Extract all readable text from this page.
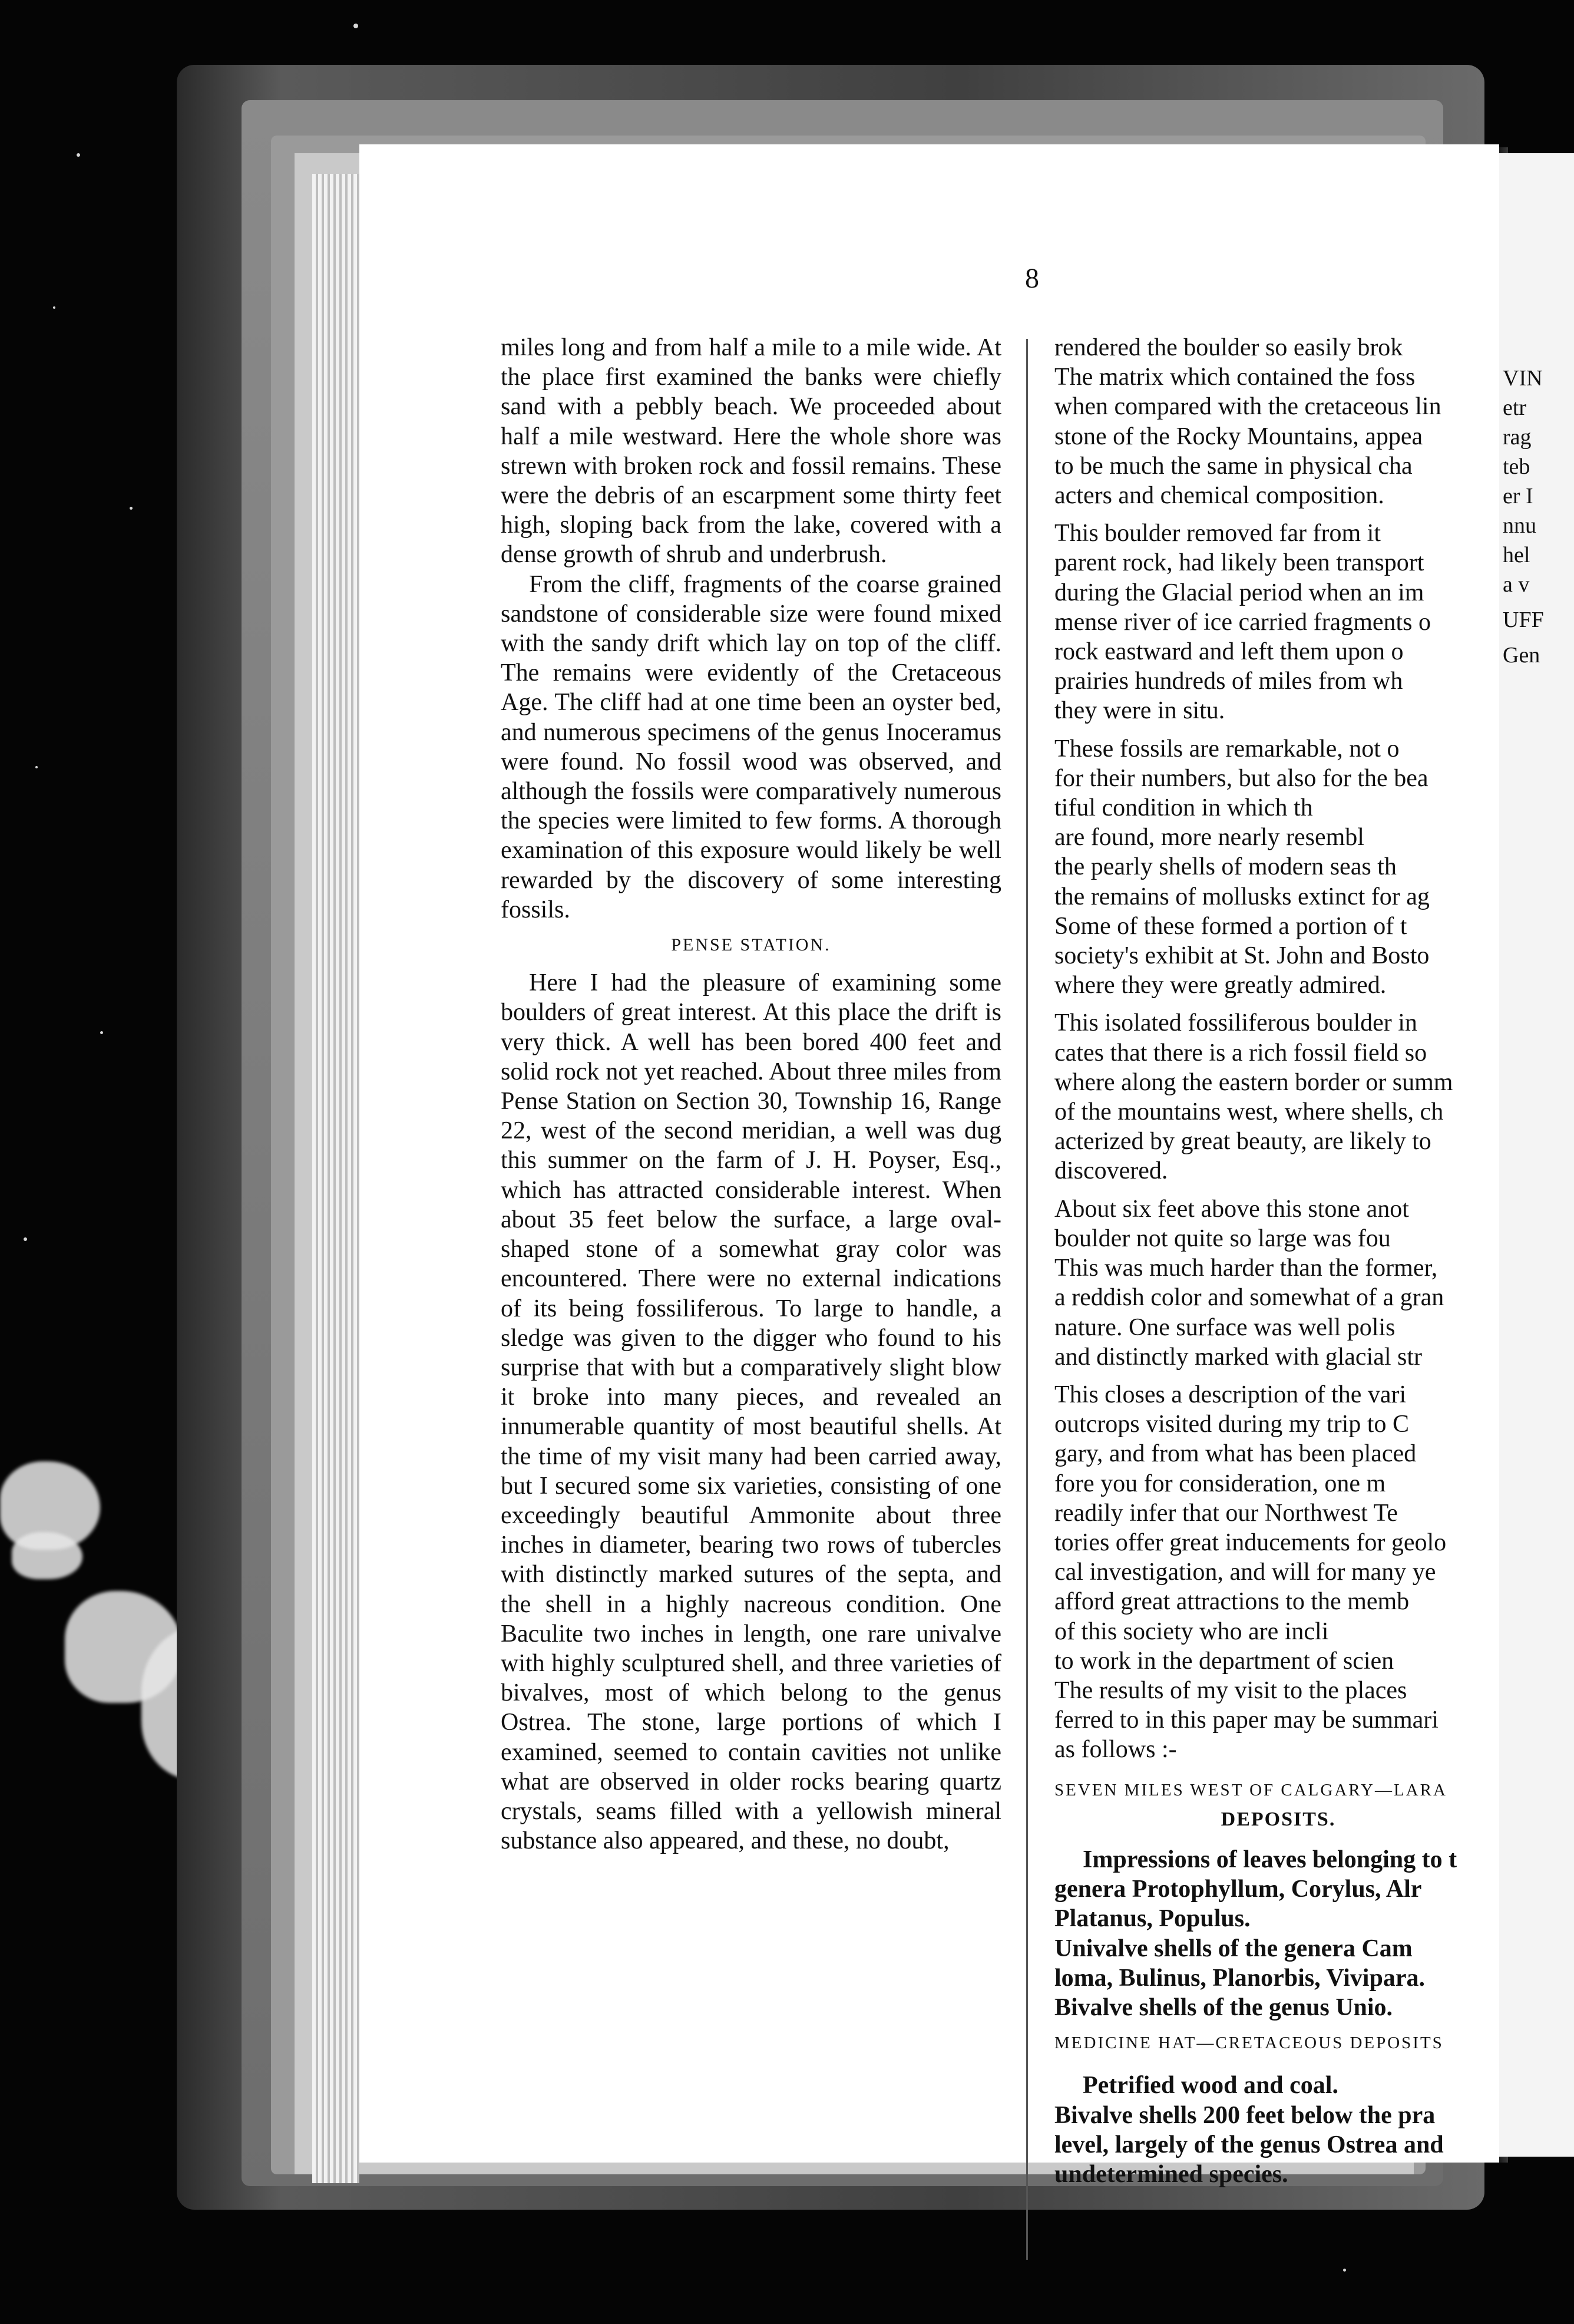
VIN
etr
rag
teb
er I
nnu
hel
a v
UFF
Gen
8

miles long and from half a mile to a mile wide. At the place first examined the banks were chiefly sand with a pebbly beach. We proceeded about half a mile westward. Here the whole shore was strewn with broken rock and fossil remains. These were the debris of an escarpment some thirty feet high, sloping back from the lake, covered with a dense growth of shrub and underbrush.

From the cliff, fragments of the coarse grained sandstone of considerable size were found mixed with the sandy drift which lay on top of the cliff. The remains were evidently of the Cretaceous Age. The cliff had at one time been an oyster bed, and numerous specimens of the genus Inoceramus were found. No fossil wood was observed, and although the fossils were comparatively numerous the species were limited to few forms. A thorough examination of this exposure would likely be well rewarded by the discovery of some interesting fossils.

PENSE STATION.

Here I had the pleasure of examining some boulders of great interest. At this place the drift is very thick. A well has been bored 400 feet and solid rock not yet reached. About three miles from Pense Station on Section 30, Township 16, Range 22, west of the second meridian, a well was dug this summer on the farm of J. H. Poyser, Esq., which has attracted considerable interest. When about 35 feet below the surface, a large oval-shaped stone of a somewhat gray color was encountered. There were no external indications of its being fossiliferous. To large to handle, a sledge was given to the digger who found to his surprise that with but a comparatively slight blow it broke into many pieces, and revealed an innumerable quantity of most beautiful shells. At the time of my visit many had been carried away, but I secured some six varieties, consisting of one exceedingly beautiful Ammonite about three inches in diameter, bearing two rows of tubercles with distinctly marked sutures of the septa, and the shell in a highly nacreous condition. One Baculite two inches in length, one rare univalve with highly sculptured shell, and three varieties of bivalves, most of which belong to the genus Ostrea. The stone, large portions of which I examined, seemed to contain cavities not unlike what are observed in older rocks bearing quartz crystals, seams filled with a yellowish mineral substance also appeared, and these, no doubt,

rendered the boulder so easily brok
The matrix which contained the foss
when compared with the cretaceous lin
stone of the Rocky Mountains, appea
to be much the same in physical cha
acters and chemical composition.
This boulder removed far from it
parent rock, had likely been transport
during the Glacial period when an im
mense river of ice carried fragments o
rock eastward and left them upon o
prairies hundreds of miles from wh
they were in situ.
These fossils are remarkable, not o
for their numbers, but also for the bea
tiful condition in which th
are found, more nearly resembl
the pearly shells of modern seas th
the remains of mollusks extinct for ag
Some of these formed a portion of t
society's exhibit at St. John and Bosto
where they were greatly admired.
This isolated fossiliferous boulder in
cates that there is a rich fossil field so
where along the eastern border or summ
of the mountains west, where shells, ch
acterized by great beauty, are likely to
discovered.
About six feet above this stone anot
boulder not quite so large was fou
This was much harder than the former,
a reddish color and somewhat of a gran
nature. One surface was well polis
and distinctly marked with glacial str
This closes a description of the vari
outcrops visited during my trip to C
gary, and from what has been placed
fore you for consideration, one m
readily infer that our Northwest Te
tories offer great inducements for geolo
cal investigation, and will for many ye
afford great attractions to the memb
of this society who are incli
to work in the department of scien
The results of my visit to the places
ferred to in this paper may be summari
as follows :-
SEVEN MILES WEST OF CALGARY—LARA
DEPOSITS.
Impressions of leaves belonging to t
genera Protophyllum, Corylus, Alr
Platanus, Populus.
Univalve shells of the genera Cam
loma, Bulinus, Planorbis, Vivipara.
Bivalve shells of the genus Unio.
MEDICINE HAT—CRETACEOUS DEPOSITS
Petrified wood and coal.
Bivalve shells 200 feet below the pra
level, largely of the genus Ostrea and
undetermined species.
